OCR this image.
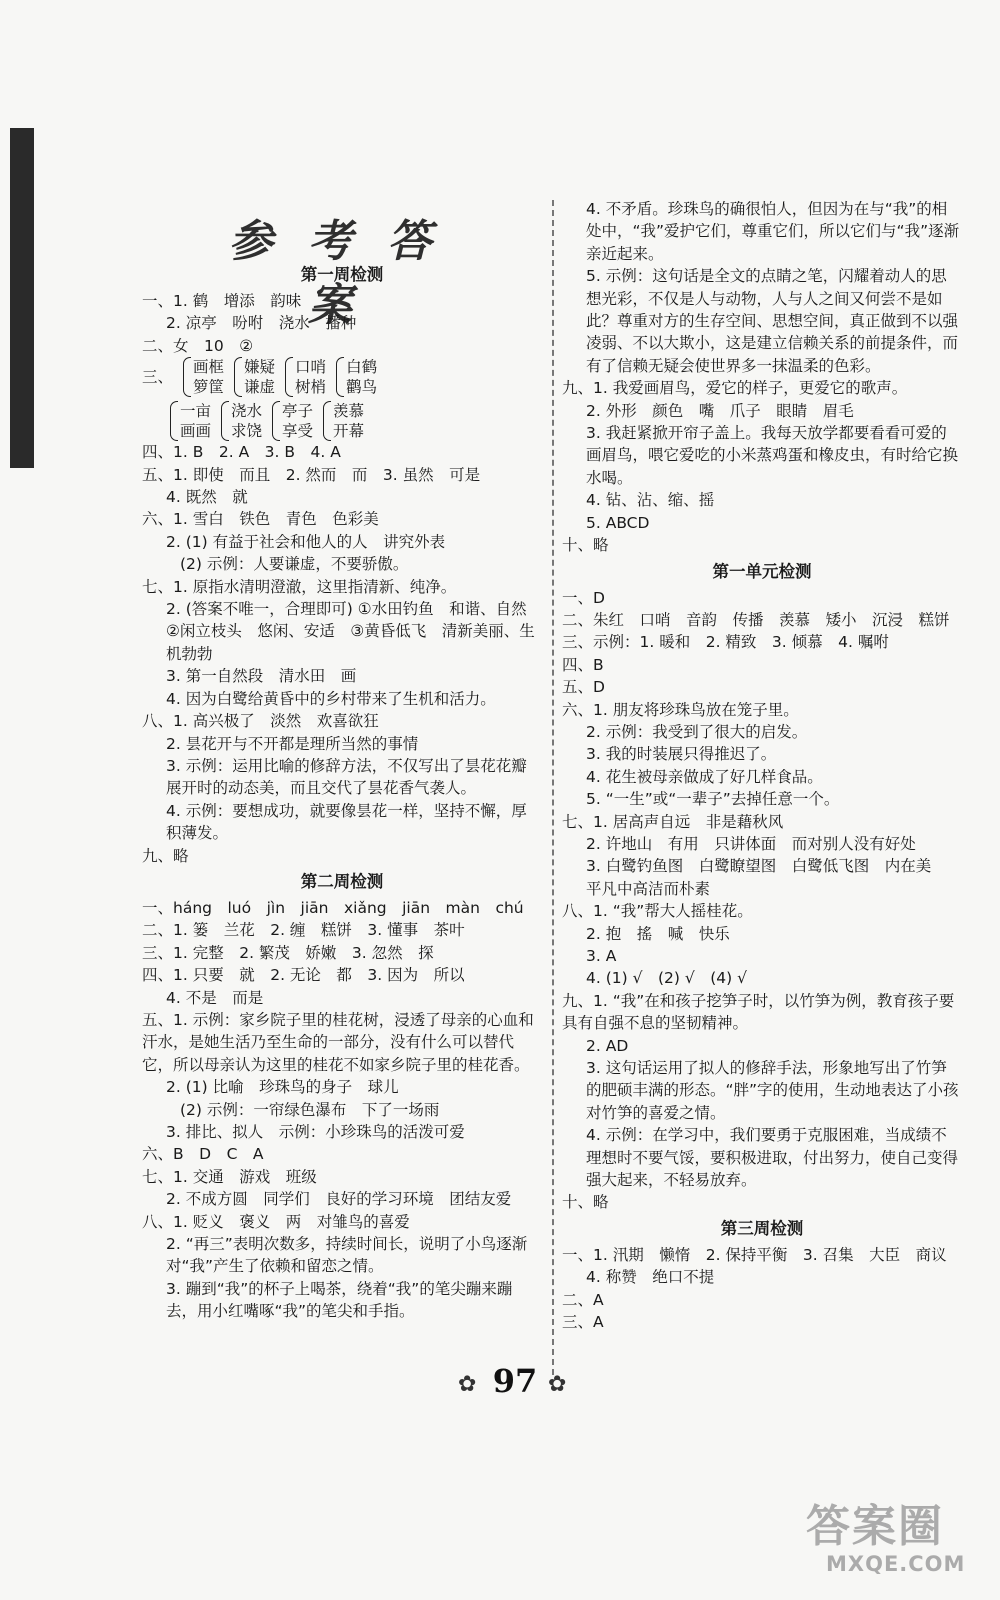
参 考 答 案
第一周检测
一、1. 鹤　增添　韵味
2. 凉亭　吩咐　浇水　播种
二、女　10　②
三、
画框
箩筐
嫌疑
谦虚
口哨
树梢
白鹤
鹳鸟
一亩
画画
浇水
求饶
亭子
享受
羡慕
开幕
四、1. B　2. A　3. B　4. A
五、1. 即使　而且　2. 然而　而　3. 虽然　可是
4. 既然　就
六、1. 雪白　铁色　青色　色彩美
2. (1) 有益于社会和他人的人　讲究外表
(2) 示例：人要谦虚，不要骄傲。
七、1. 原指水清明澄澈，这里指清新、纯净。
2. (答案不唯一，合理即可) ①水田钓鱼　和谐、自然　②闲立枝头　悠闲、安适　③黄昏低飞　清新美丽、生机勃勃
3. 第一自然段　清水田　画
4. 因为白鹭给黄昏中的乡村带来了生机和活力。
八、1. 高兴极了　淡然　欢喜欲狂
2. 昙花开与不开都是理所当然的事情
3. 示例：运用比喻的修辞方法，不仅写出了昙花花瓣展开时的动态美，而且交代了昙花香气袭人。
4. 示例：要想成功，就要像昙花一样，坚持不懈，厚积薄发。
九、略
第二周检测
一、háng　luó　jìn　jiān　xiǎng　jiān　màn　chú
二、1. 篓　兰花　2. 缠　糕饼　3. 懂事　茶叶
三、1. 完整　2. 繁茂　娇嫩　3. 忽然　探
四、1. 只要　就　2. 无论　都　3. 因为　所以
4. 不是　而是
五、1. 示例：家乡院子里的桂花树，浸透了母亲的心血和汗水，是她生活乃至生命的一部分，没有什么可以替代它，所以母亲认为这里的桂花不如家乡院子里的桂花香。
2. (1) 比喻　珍珠鸟的身子　球儿
(2) 示例：一帘绿色瀑布　下了一场雨
3. 排比、拟人　示例：小珍珠鸟的活泼可爱
六、B　D　C　A
七、1. 交通　游戏　班级
2. 不成方圆　同学们　良好的学习环境　团结友爱
八、1. 贬义　褒义　两　对雏鸟的喜爱
2. “再三”表明次数多，持续时间长，说明了小鸟逐渐对“我”产生了依赖和留恋之情。
3. 蹦到“我”的杯子上喝茶，绕着“我”的笔尖蹦来蹦去，用小红嘴啄“我”的笔尖和手指。
4. 不矛盾。珍珠鸟的确很怕人，但因为在与“我”的相处中，“我”爱护它们，尊重它们，所以它们与“我”逐渐亲近起来。
5. 示例：这句话是全文的点睛之笔，闪耀着动人的思想光彩，不仅是人与动物，人与人之间又何尝不是如此？尊重对方的生存空间、思想空间，真正做到不以强凌弱、不以大欺小，这是建立信赖关系的前提条件，而有了信赖无疑会使世界多一抹温柔的色彩。
九、1. 我爱画眉鸟，爱它的样子，更爱它的歌声。
2. 外形　颜色　嘴　爪子　眼睛　眉毛
3. 我赶紧掀开帘子盖上。我每天放学都要看看可爱的画眉鸟，喂它爱吃的小米蒸鸡蛋和橡皮虫，有时给它换水喝。
4. 钻、沾、缩、摇
5. ABCD
十、略
第一单元检测
一、D
二、朱红　口哨　音韵　传播　羡慕　矮小　沉浸　糕饼
三、示例：1. 暖和　2. 精致　3. 倾慕　4. 嘱咐
四、B
五、D
六、1. 朋友将珍珠鸟放在笼子里。
2. 示例：我受到了很大的启发。
3. 我的时装展只得推迟了。
4. 花生被母亲做成了好几样食品。
5. “一生”或“一辈子”去掉任意一个。
七、1. 居高声自远　非是藉秋风
2. 许地山　有用　只讲体面　而对别人没有好处
3. 白鹭钓鱼图　白鹭瞭望图　白鹭低飞图　内在美　平凡中高洁而朴素
八、1. “我”帮大人摇桂花。
2. 抱　搖　喊　快乐
3. A
4. (1) √　(2) √　(4) √
九、1. “我”在和孩子挖笋子时，以竹笋为例，教育孩子要具有自强不息的坚韧精神。
2. AD
3. 这句话运用了拟人的修辞手法，形象地写出了竹笋的肥硕丰满的形态。“胖”字的使用，生动地表达了小孩对竹笋的喜爱之情。
4. 示例：在学习中，我们要勇于克服困难，当成绩不理想时不要气馁，要积极进取，付出努力，使自己变得强大起来，不轻易放弃。
十、略
第三周检测
一、1. 汛期　懒惰　2. 保持平衡　3. 召集　大臣　商议
4. 称赞　绝口不提
二、A
三、A
✿ 97 ✿
答案圈
MXQE.COM
